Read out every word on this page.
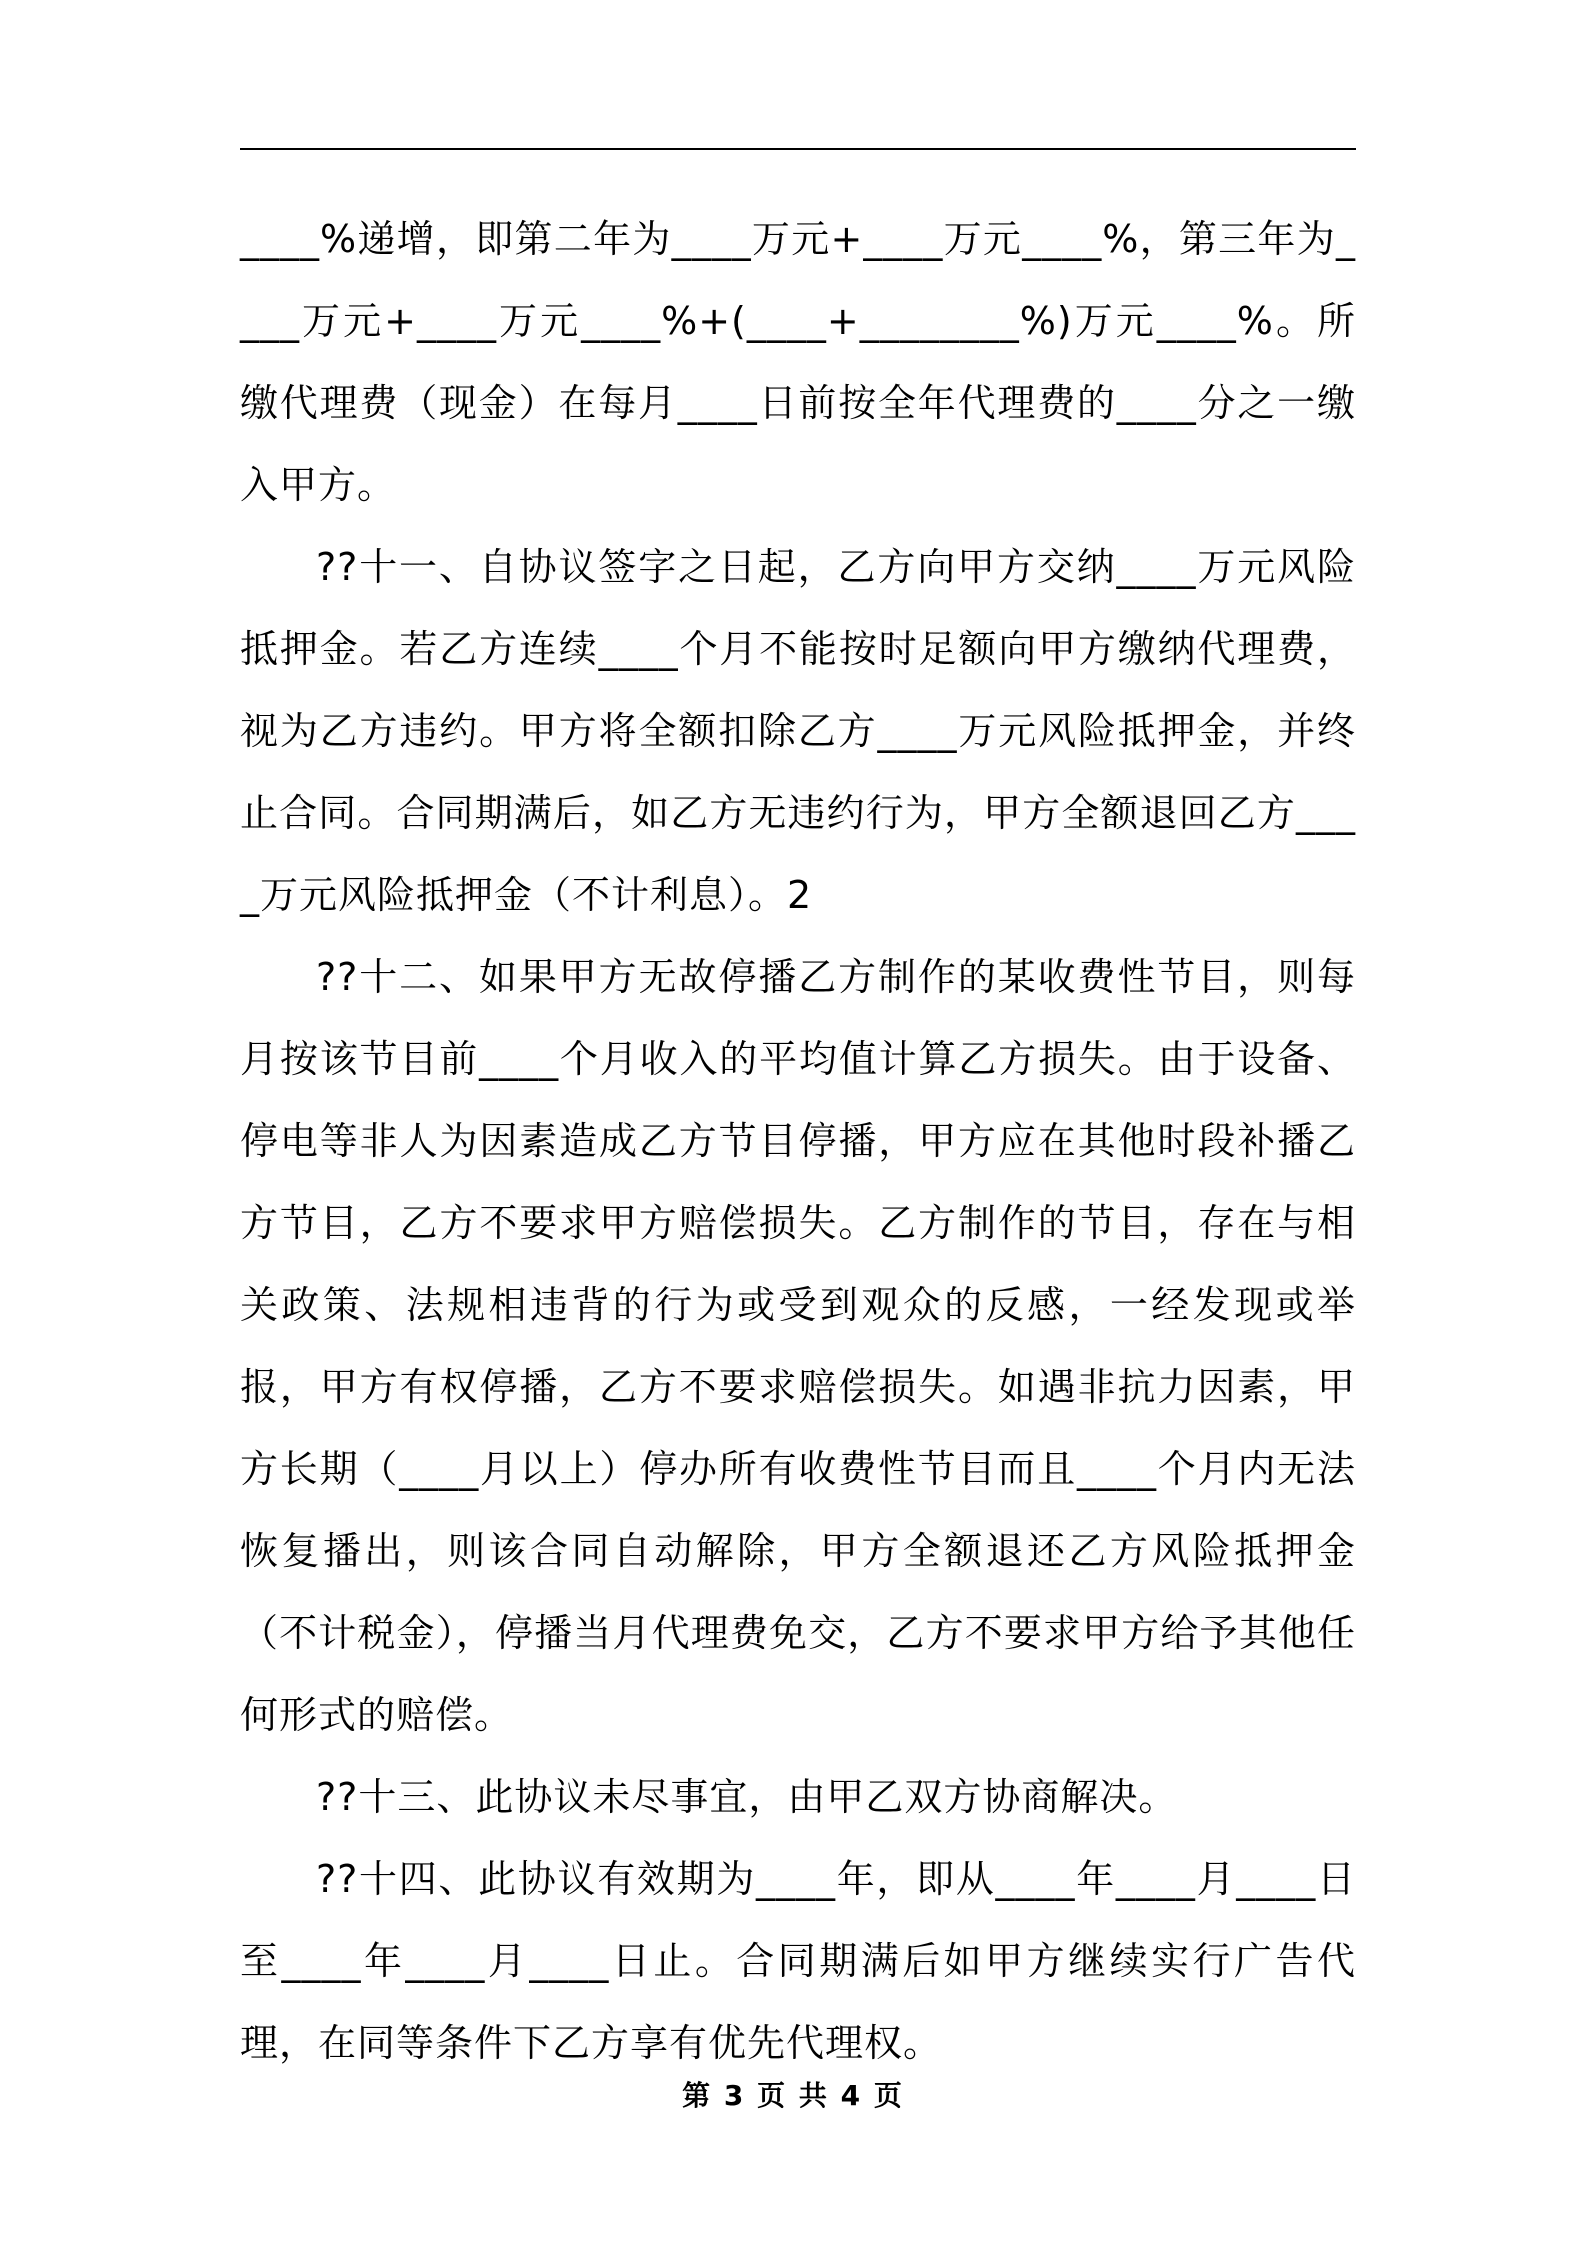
____%递增，即第二年为____万元+____万元____%，第三年为____万元+____万元____%+(____+________%)万元____%。所缴代理费（现金）在每月____日前按全年代理费的____分之一缴入甲方。

??十一、自协议签字之日起，乙方向甲方交纳____万元风险抵押金。若乙方连续____个月不能按时足额向甲方缴纳代理费，视为乙方违约。甲方将全额扣除乙方____万元风险抵押金，并终止合同。合同期满后，如乙方无违约行为，甲方全额退回乙方____万元风险抵押金（不计利息）。2

??十二、如果甲方无故停播乙方制作的某收费性节目，则每月按该节目前____个月收入的平均值计算乙方损失。由于设备、停电等非人为因素造成乙方节目停播，甲方应在其他时段补播乙方节目，乙方不要求甲方赔偿损失。乙方制作的节目，存在与相关政策、法规相违背的行为或受到观众的反感，一经发现或举报，甲方有权停播，乙方不要求赔偿损失。如遇非抗力因素，甲方长期（____月以上）停办所有收费性节目而且____个月内无法恢复播出，则该合同自动解除，甲方全额退还乙方风险抵押金（不计税金），停播当月代理费免交，乙方不要求甲方给予其他任何形式的赔偿。

??十三、此协议未尽事宜，由甲乙双方协商解决。

??十四、此协议有效期为____年，即从____年____月____日至____年____月____日止。合同期满后如甲方继续实行广告代理，在同等条件下乙方享有优先代理权。

第 3 页 共 4 页
